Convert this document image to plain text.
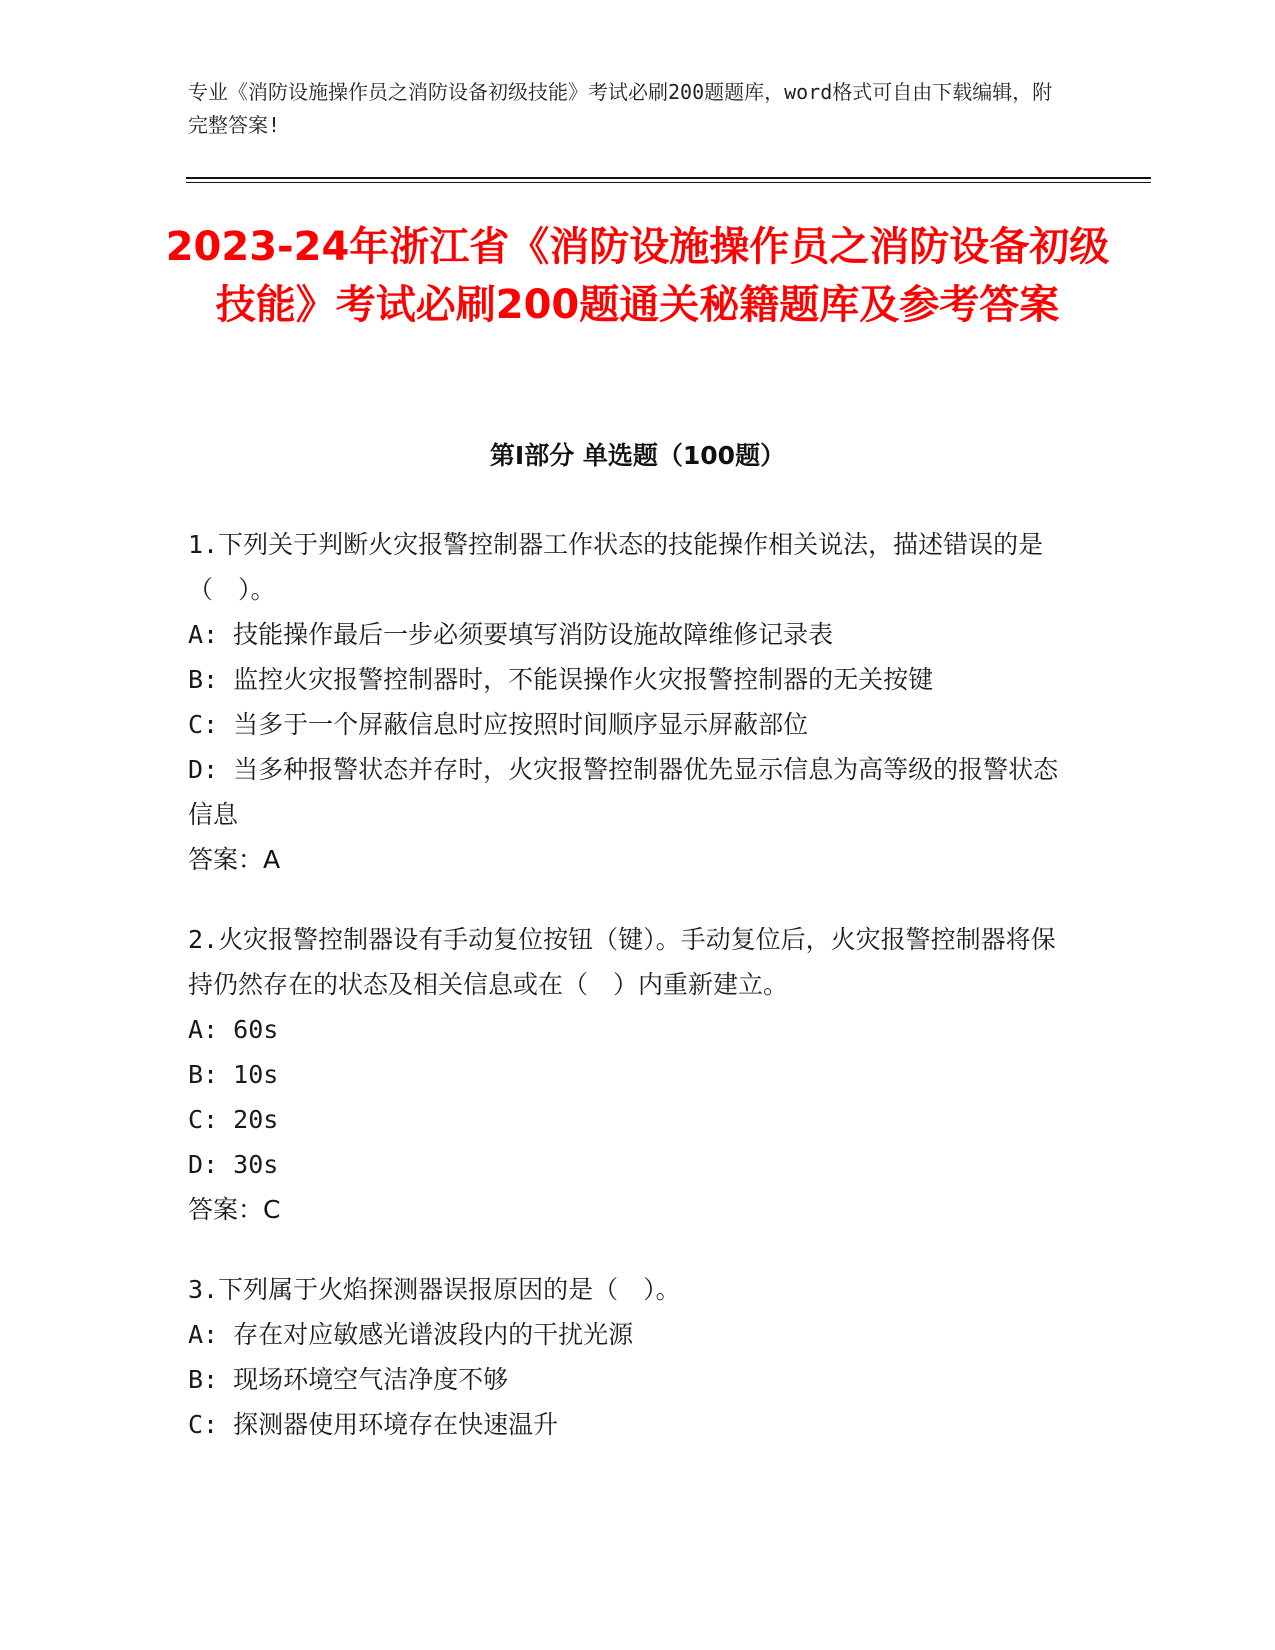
专业《消防设施操作员之消防设备初级技能》考试必刷200题题库，word格式可自由下载编辑，附完整答案!
2023-24年浙江省《消防设施操作员之消防设备初级技能》考试必刷200题通关秘籍题库及参考答案
第I部分 单选题（100题）
1.下列关于判断火灾报警控制器工作状态的技能操作相关说法，描述错误的是（　）。
A: 技能操作最后一步必须要填写消防设施故障维修记录表
B: 监控火灾报警控制器时，不能误操作火灾报警控制器的无关按键
C: 当多于一个屏蔽信息时应按照时间顺序显示屏蔽部位
D: 当多种报警状态并存时，火灾报警控制器优先显示信息为高等级的报警状态信息
答案：A
2.火灾报警控制器设有手动复位按钮（键）。手动复位后，火灾报警控制器将保持仍然存在的状态及相关信息或在（　）内重新建立。
A: 60s
B: 10s
C: 20s
D: 30s
答案：C
3.下列属于火焰探测器误报原因的是（　）。
A: 存在对应敏感光谱波段内的干扰光源
B: 现场环境空气洁净度不够
C: 探测器使用环境存在快速温升
